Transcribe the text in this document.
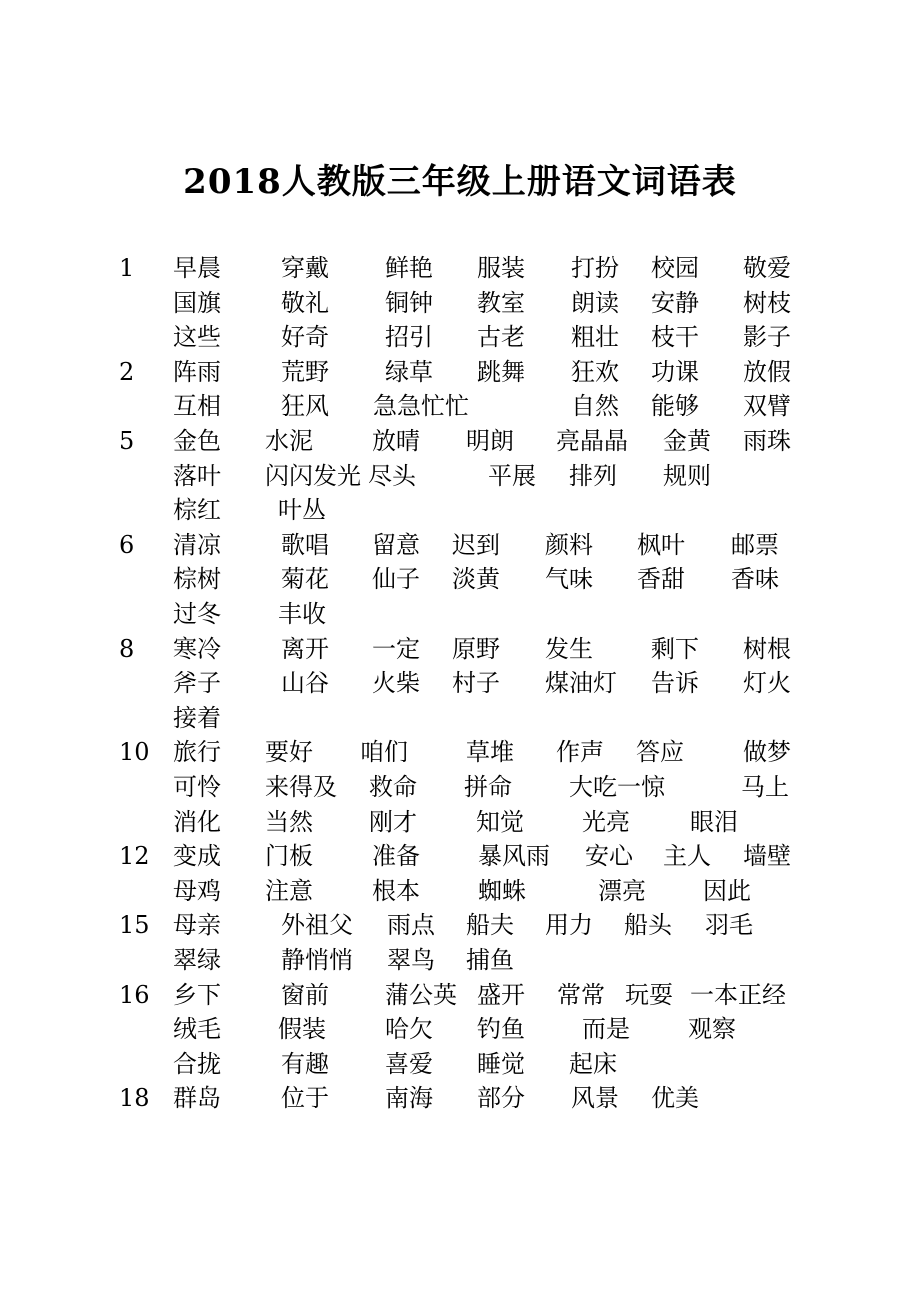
2018人教版三年级上册语文词语表
1 早晨	穿戴 鲜艳 服装 打扮 校园 敬爱
国旗	敬礼 铜钟 教室 朗读 安静 树枝
这些	好奇 招引 古老 粗壮 枝干 影子
2 阵雨	荒野 绿草 跳舞 狂欢 功课 放假
互相	狂风 急急忙忙	自然 能够 双臂
5 金色 水泥 放晴 明朗 亮晶晶 金黄 雨珠
落叶 闪闪发光 尽头	平展 排列 规则
棕红 叶丛
6 清凉	歌唱 留意 迟到 颜料 枫叶 邮票
棕树	菊花 仙子 淡黄 气味 香甜 香味
过冬 丰收
8 寒冷	离开 一定 原野 发生 剩下 树根
斧子	山谷 火柴 村子 煤油灯 告诉 灯火
接着
10 旅行 要好 咱们 草堆 作声 答应 做梦
可怜 来得及 救命 拼命 大吃一惊	马上
消化 当然 刚才 知觉 光亮	眼泪
12 变成 门板 准备 暴风雨 安心 主人 墙壁
母鸡 注意 根本 蜘蛛	漂亮 因此
15 母亲	外祖父 雨点 船夫 用力 船头 羽毛
翠绿	静悄悄 翠鸟 捕鱼
16 乡下	窗前 蒲公英 盛开 常常 玩耍 一本正经
绒毛 假装 哈欠 钓鱼 而是 观察
合拢	有趣 喜爱 睡觉 起床
18 群岛	位于 南海 部分 风景 优美
